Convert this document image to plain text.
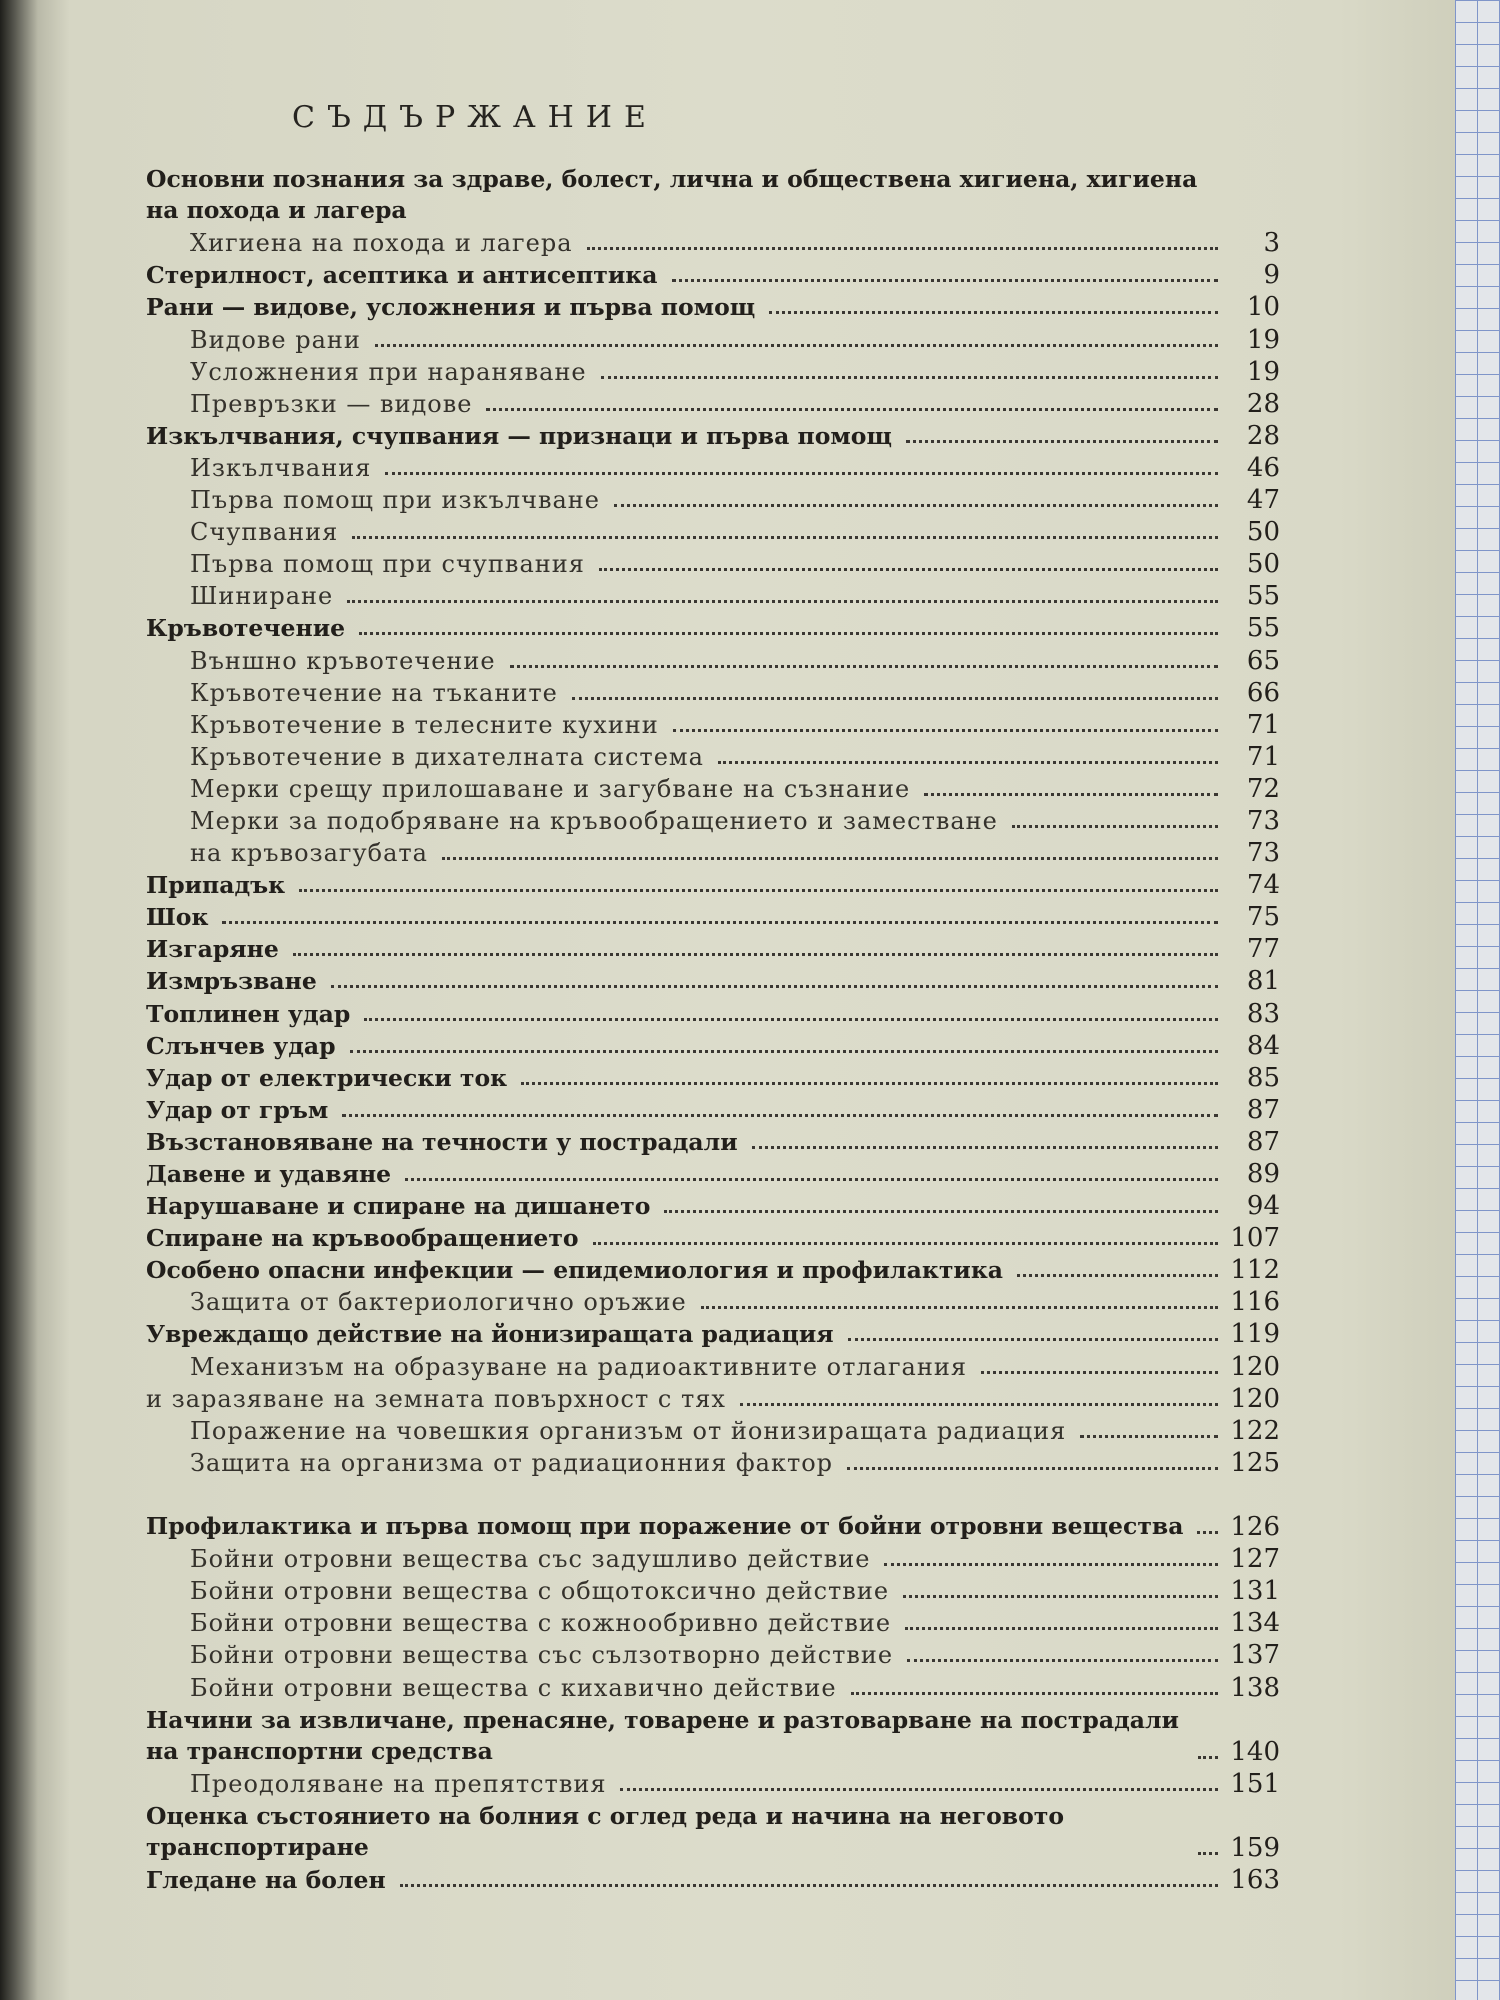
СЪДЪРЖАНИЕ
Основни познания за здраве, болест, лична и обществена хигиена, хигиена на похода и лагера
Хигиена на похода и лагера	3
Стерилност, асептика и антисептика	9
Рани — видове, усложнения и първа помощ	10
Видове рани	19
Усложнения при нараняване	19
Превръзки — видове	28
Изкълчвания, счупвания — признаци и първа помощ	28
Изкълчвания	46
Първа помощ при изкълчване	47
Счупвания	50
Първа помощ при счупвания	50
Шиниране	55
Кръвотечение	55
Външно кръвотечение	65
Кръвотечение на тъканите	66
Кръвотечение в телесните кухини	71
Кръвотечение в дихателната система	71
Мерки срещу прилошаване и загубване на съзнание	72
Мерки за подобряване на кръвообращението и заместване	73
на кръвозагубата	73
Припадък	74
Шок	75
Изгаряне	77
Измръзване	81
Топлинен удар	83
Слънчев удар	84
Удар от електрически ток	85
Удар от гръм	87
Възстановяване на течности у пострадали	87
Давене и удавяне	89
Нарушаване и спиране на дишането	94
Спиране на кръвообращението	107
Особено опасни инфекции — епидемиология и профилактика	112
Защита от бактериологично оръжие	116
Увреждащо действие на йонизиращата радиация	119
Механизъм на образуване на радиоактивните отлагания	120
и заразяване на земната повърхност с тях	120
Поражение на човешкия организъм от йонизиращата радиация	122
Защита на организма от радиационния фактор	125
Профилактика и първа помощ при поражение от бойни отровни вещества 126
Бойни отровни вещества със задушливо действие	127
Бойни отровни вещества с общотоксично действие	131
Бойни отровни вещества с кожнообривно действие	134
Бойни отровни вещества със сълзотворно действие	137
Бойни отровни вещества с кихавично действие	138
Начини за извличане, пренасяне, товарене и разтоварване на пострадали на транспортни средства	140
Преодоляване на препятствия	151
Оценка състоянието на болния с оглед реда и начина на неговото транспортиране	159
Гледане на болен	163
